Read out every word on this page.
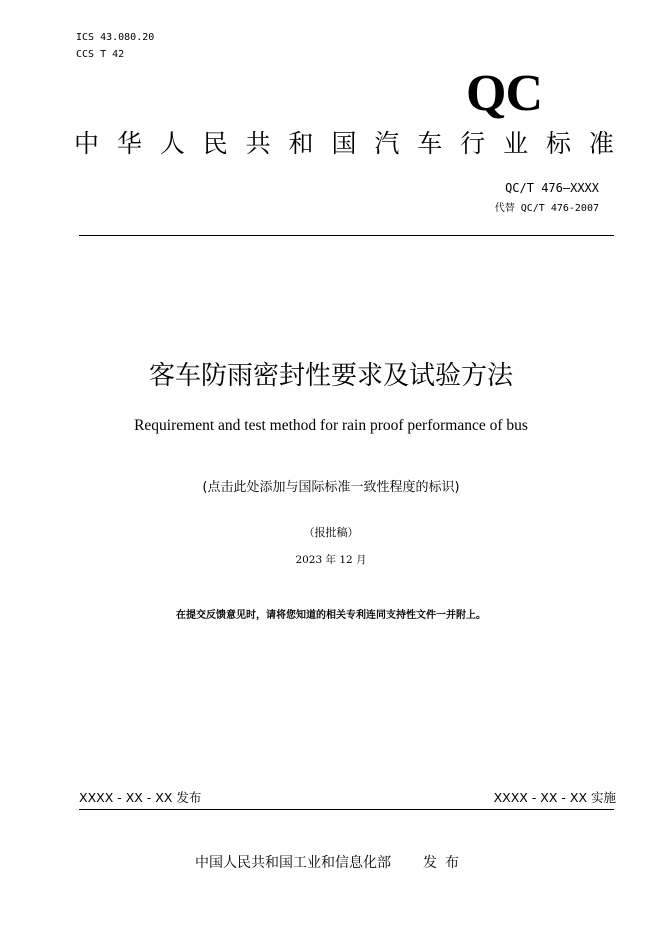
ICS 43.080.20
CCS T 42
QC
中 华 人 民 共 和 国 汽 车 行 业 标 准
QC/T 476—XXXX
代替 QC/T 476-2007
客车防雨密封性要求及试验方法
Requirement and test method for rain proof performance of bus
(点击此处添加与国际标准一致性程度的标识)
（报批稿）
2023 年 12 月
在提交反馈意见时，请将您知道的相关专利连同支持性文件一并附上。
XXXX - XX - XX 发布	XXXX - XX - XX 实施
中国人民共和国工业和信息化部 发布
